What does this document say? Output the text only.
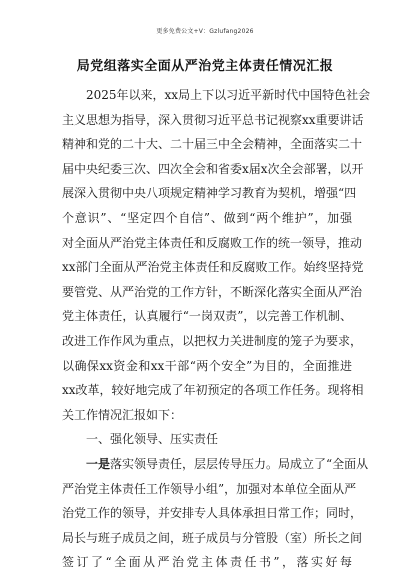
更多免费公文+V：Gzlufang2026
局党组落实全面从严治党主体责任情况汇报
2025年以来，xx局上下以习近平新时代中国特色社会
主义思想为指导，深入贯彻习近平总书记视察xx重要讲话
精神和党的二十大、二十届三中全会精神，全面落实二十
届中央纪委三次、四次全会和省委x届x次全会部署，以开
展深入贯彻中央八项规定精神学习教育为契机，增强“四
个意识”、“坚定四个自信”、做到“两个维护”，加强
对全面从严治党主体责任和反腐败工作的统一领导，推动
xx部门全面从严治党主体责任和反腐败工作。始终坚持党
要管党、从严治党的工作方针，不断深化落实全面从严治
党主体责任，认真履行“一岗双责”，以完善工作机制、
改进工作作风为重点，以把权力关进制度的笼子为要求，
以确保xx资金和xx干部“两个安全”为目的，全面推进
xx改革，较好地完成了年初预定的各项工作任务。现将相
关工作情况汇报如下：
一、强化领导、压实责任
一是落实领导责任，层层传导压力。局成立了“全面从
严治党主体责任工作领导小组”，加强对本单位全面从严
治党工作的领导，并安排专人具体承担日常工作；同时，
局长与班子成员之间，班子成员与分管股（室）所长之间
签订了“全面从严治党主体责任书”，落实好每
